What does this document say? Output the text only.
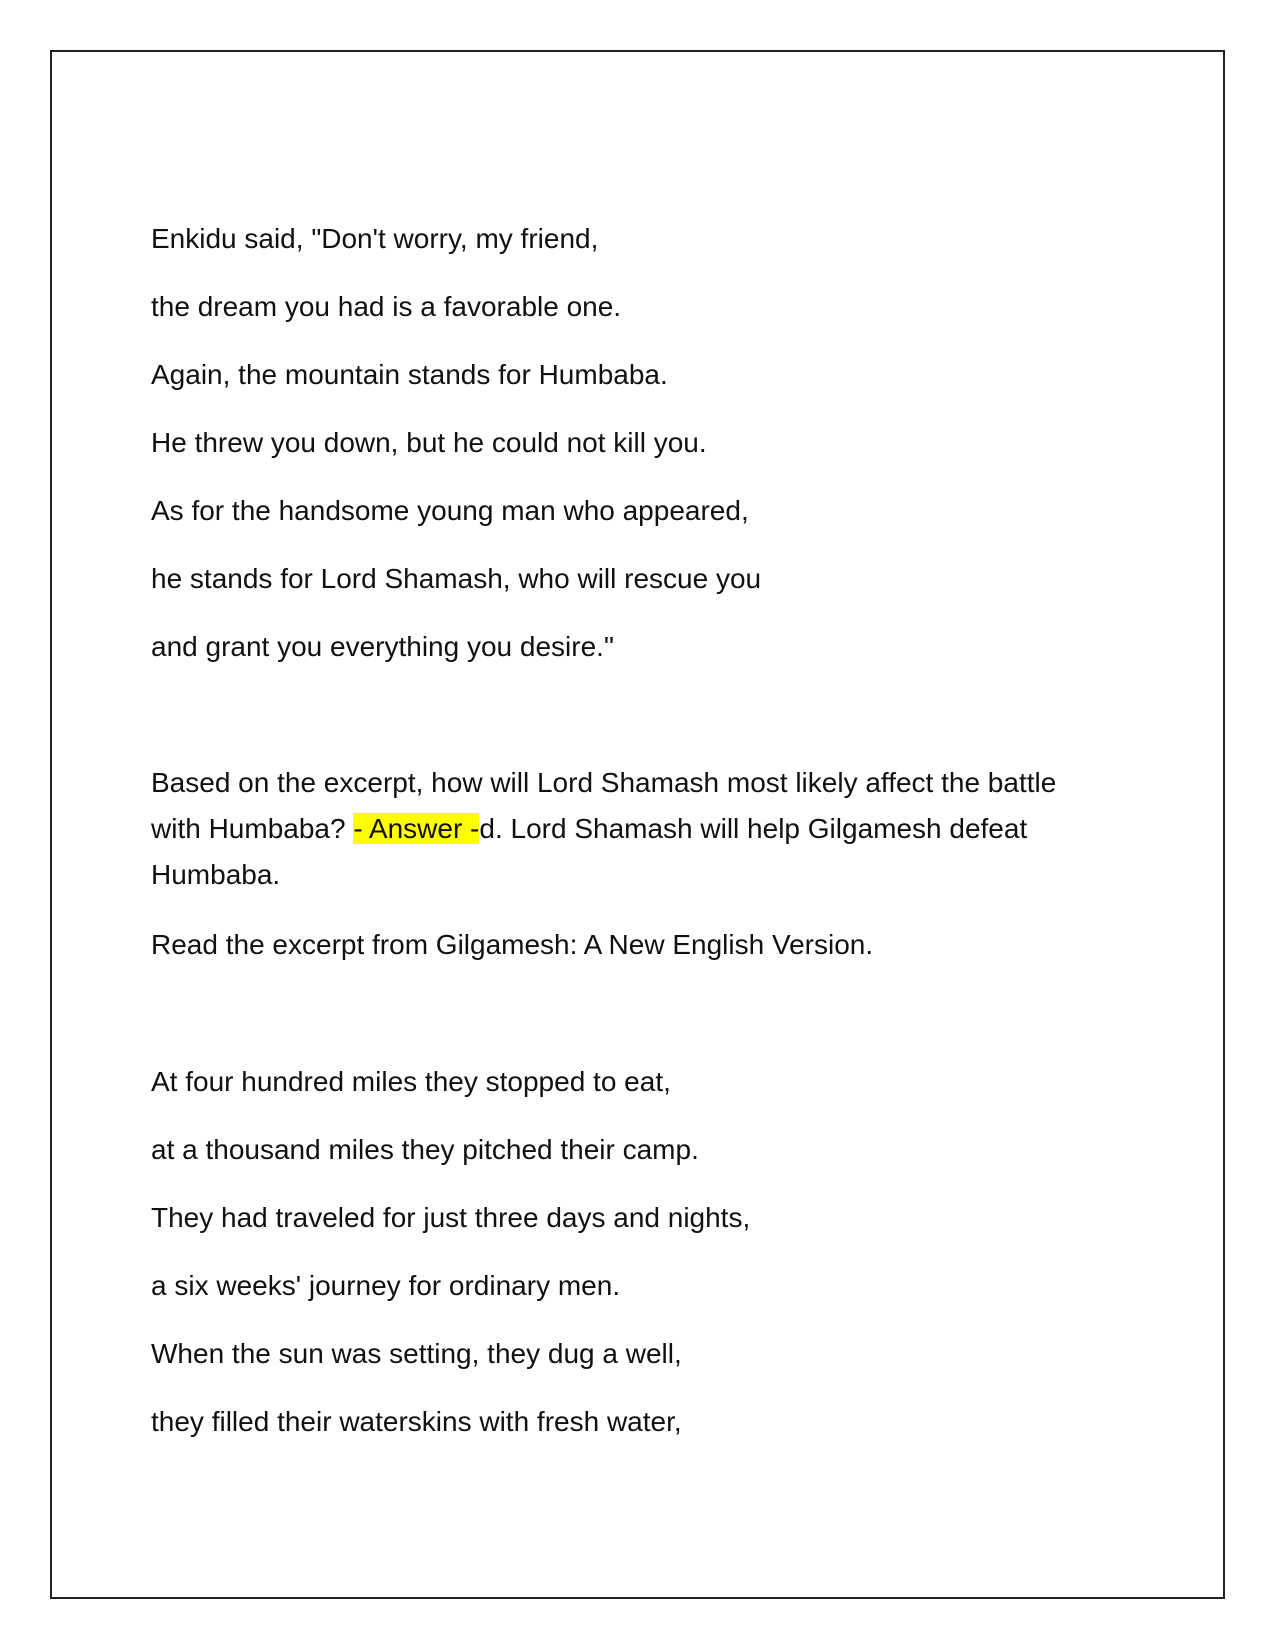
Enkidu said, "Don't worry, my friend,
the dream you had is a favorable one.
Again, the mountain stands for Humbaba.
He threw you down, but he could not kill you.
As for the handsome young man who appeared,
he stands for Lord Shamash, who will rescue you
and grant you everything you desire."
Based on the excerpt, how will Lord Shamash most likely affect the battle with Humbaba? - Answer -d. Lord Shamash will help Gilgamesh defeat Humbaba.
Read the excerpt from Gilgamesh: A New English Version.
At four hundred miles they stopped to eat,
at a thousand miles they pitched their camp.
They had traveled for just three days and nights,
a six weeks' journey for ordinary men.
When the sun was setting, they dug a well,
they filled their waterskins with fresh water,
